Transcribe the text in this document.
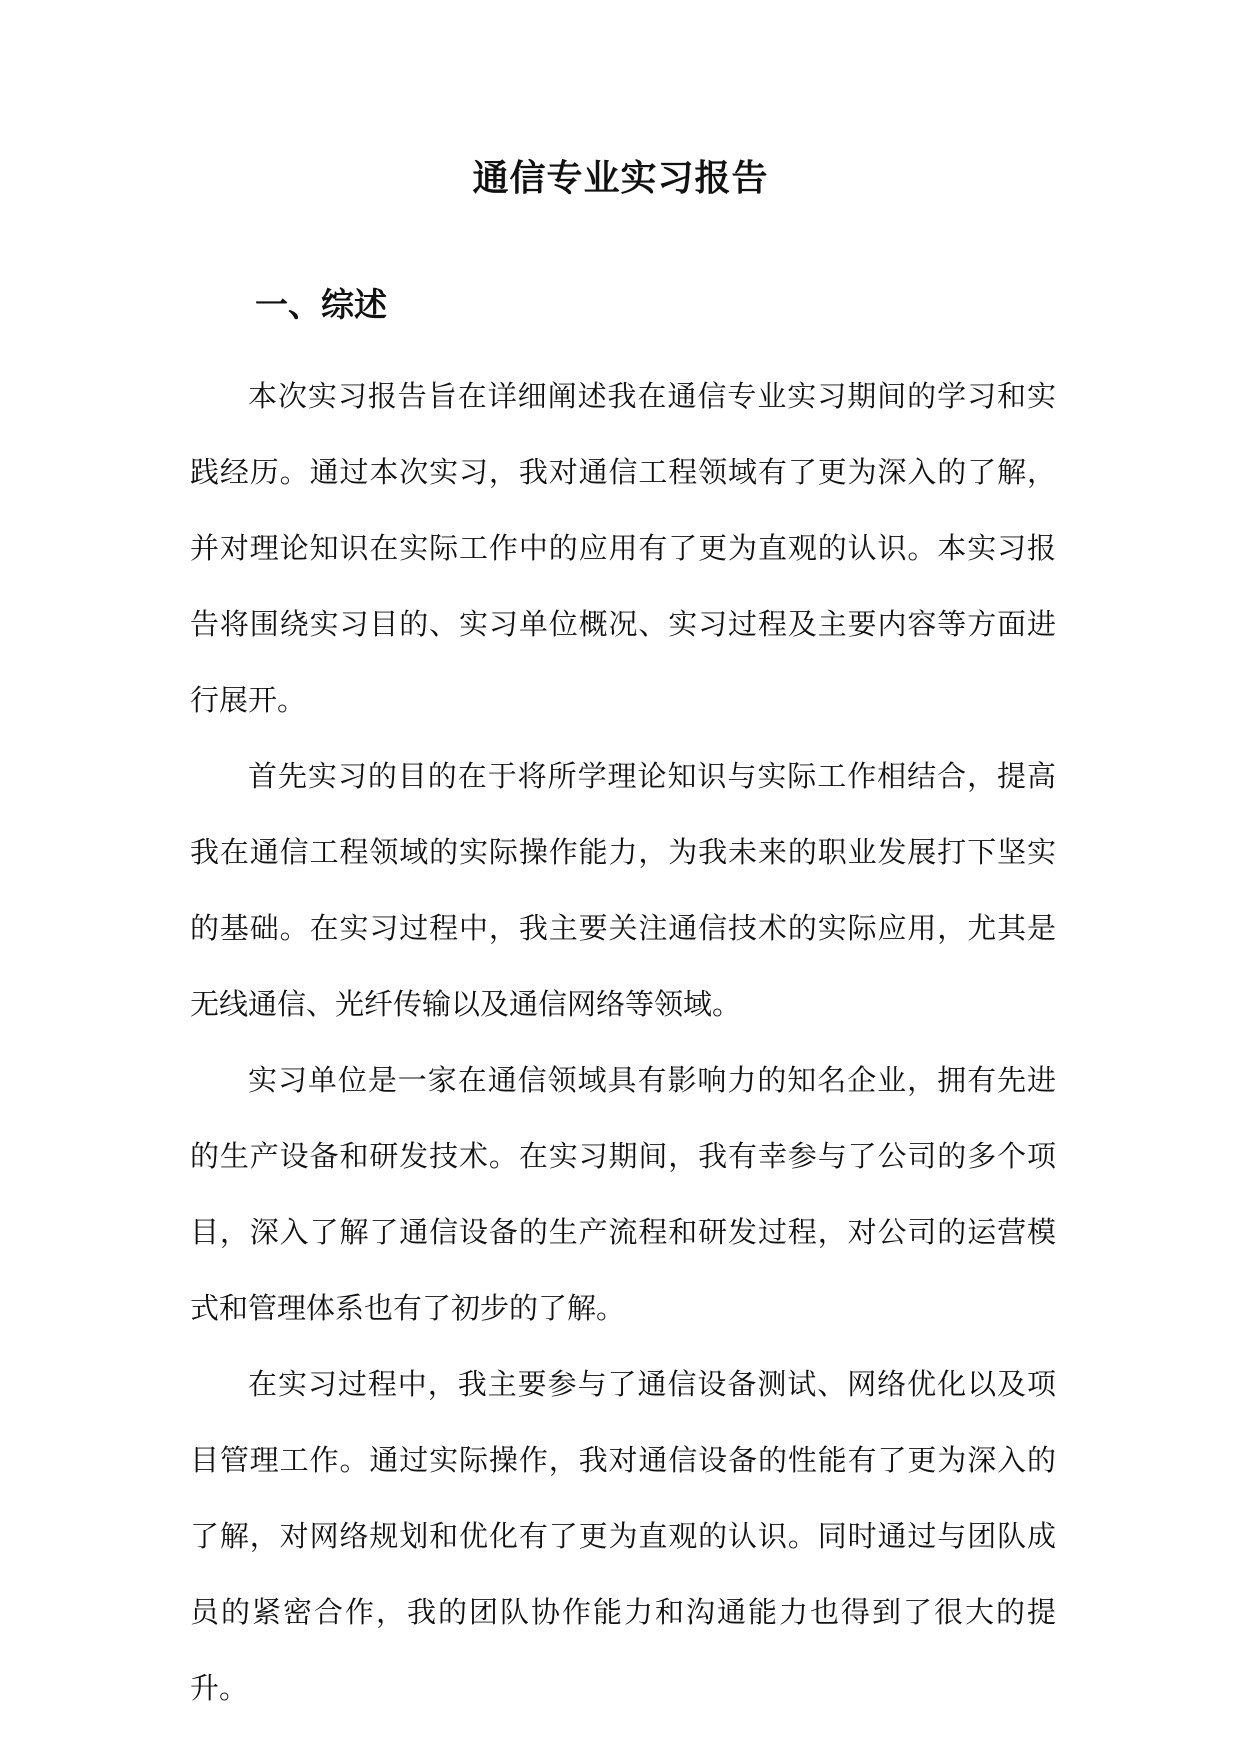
通信专业实习报告
一、综述

本次实习报告旨在详细阐述我在通信专业实习期间的学习和实践经历。通过本次实习，我对通信工程领域有了更为深入的了解，并对理论知识在实际工作中的应用有了更为直观的认识。本实习报告将围绕实习目的、实习单位概况、实习过程及主要内容等方面进行展开。

首先实习的目的在于将所学理论知识与实际工作相结合，提高我在通信工程领域的实际操作能力，为我未来的职业发展打下坚实的基础。在实习过程中，我主要关注通信技术的实际应用，尤其是无线通信、光纤传输以及通信网络等领域。

实习单位是一家在通信领域具有影响力的知名企业，拥有先进的生产设备和研发技术。在实习期间，我有幸参与了公司的多个项目，深入了解了通信设备的生产流程和研发过程，对公司的运营模式和管理体系也有了初步的了解。

在实习过程中，我主要参与了通信设备测试、网络优化以及项目管理工作。通过实际操作，我对通信设备的性能有了更为深入的了解，对网络规划和优化有了更为直观的认识。同时通过与团队成员的紧密合作，我的团队协作能力和沟通能力也得到了很大的提升。
